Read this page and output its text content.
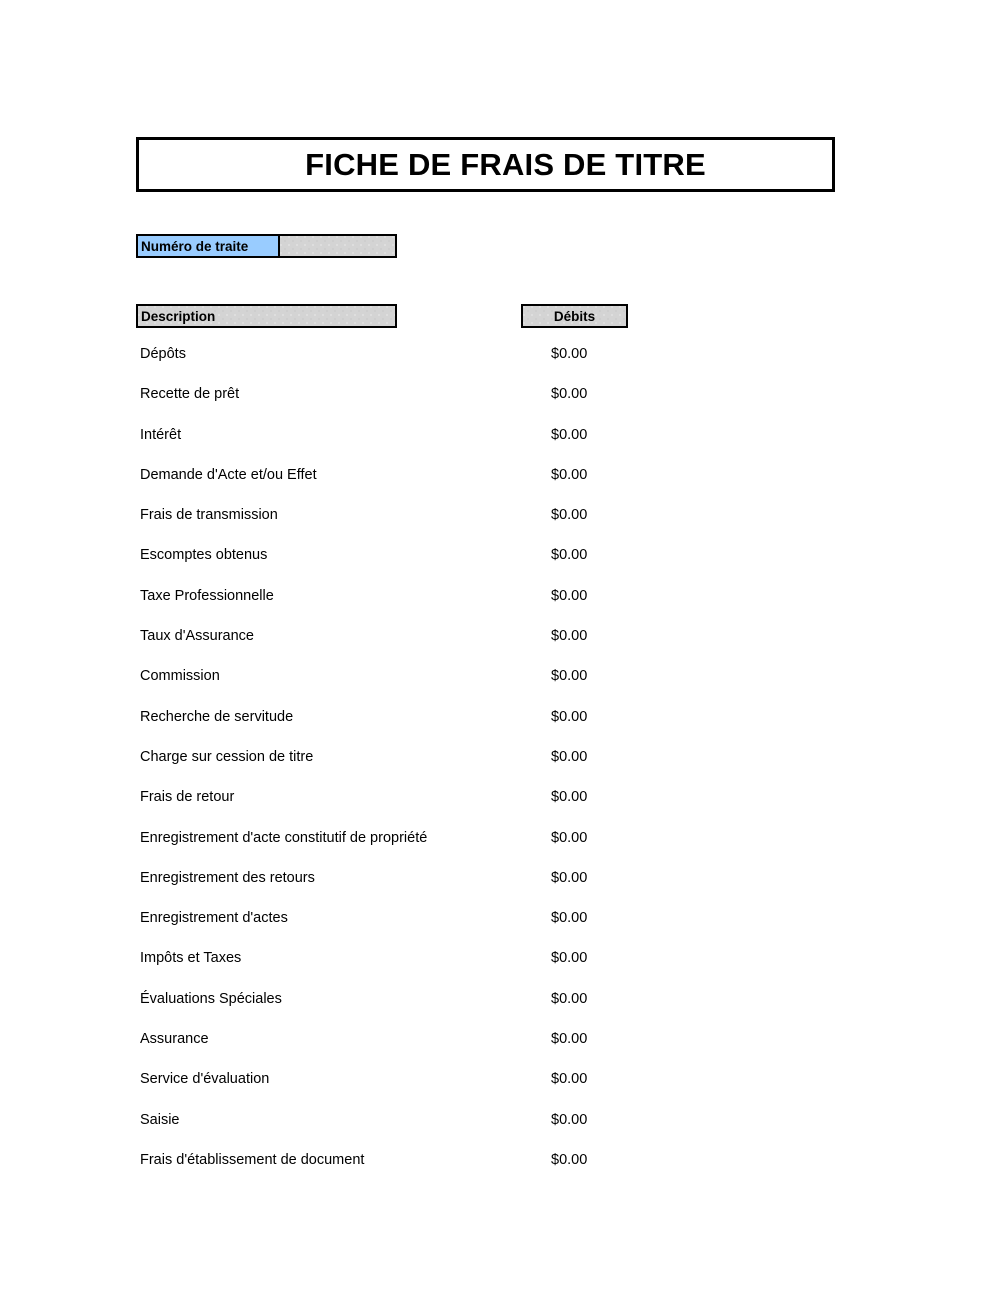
FICHE DE FRAIS DE TITRE
Numéro de traite
Description	Débits
Dépôts	$0.00
Recette de prêt	$0.00
Intérêt	$0.00
Demande d'Acte et/ou Effet	$0.00
Frais de transmission	$0.00
Escomptes obtenus	$0.00
Taxe Professionnelle	$0.00
Taux d'Assurance	$0.00
Commission	$0.00
Recherche de servitude	$0.00
Charge sur cession de titre	$0.00
Frais de retour	$0.00
Enregistrement d'acte constitutif de propriété	$0.00
Enregistrement des retours	$0.00
Enregistrement d'actes	$0.00
Impôts et Taxes	$0.00
Évaluations Spéciales	$0.00
Assurance	$0.00
Service d'évaluation	$0.00
Saisie	$0.00
Frais d'établissement de document	$0.00
